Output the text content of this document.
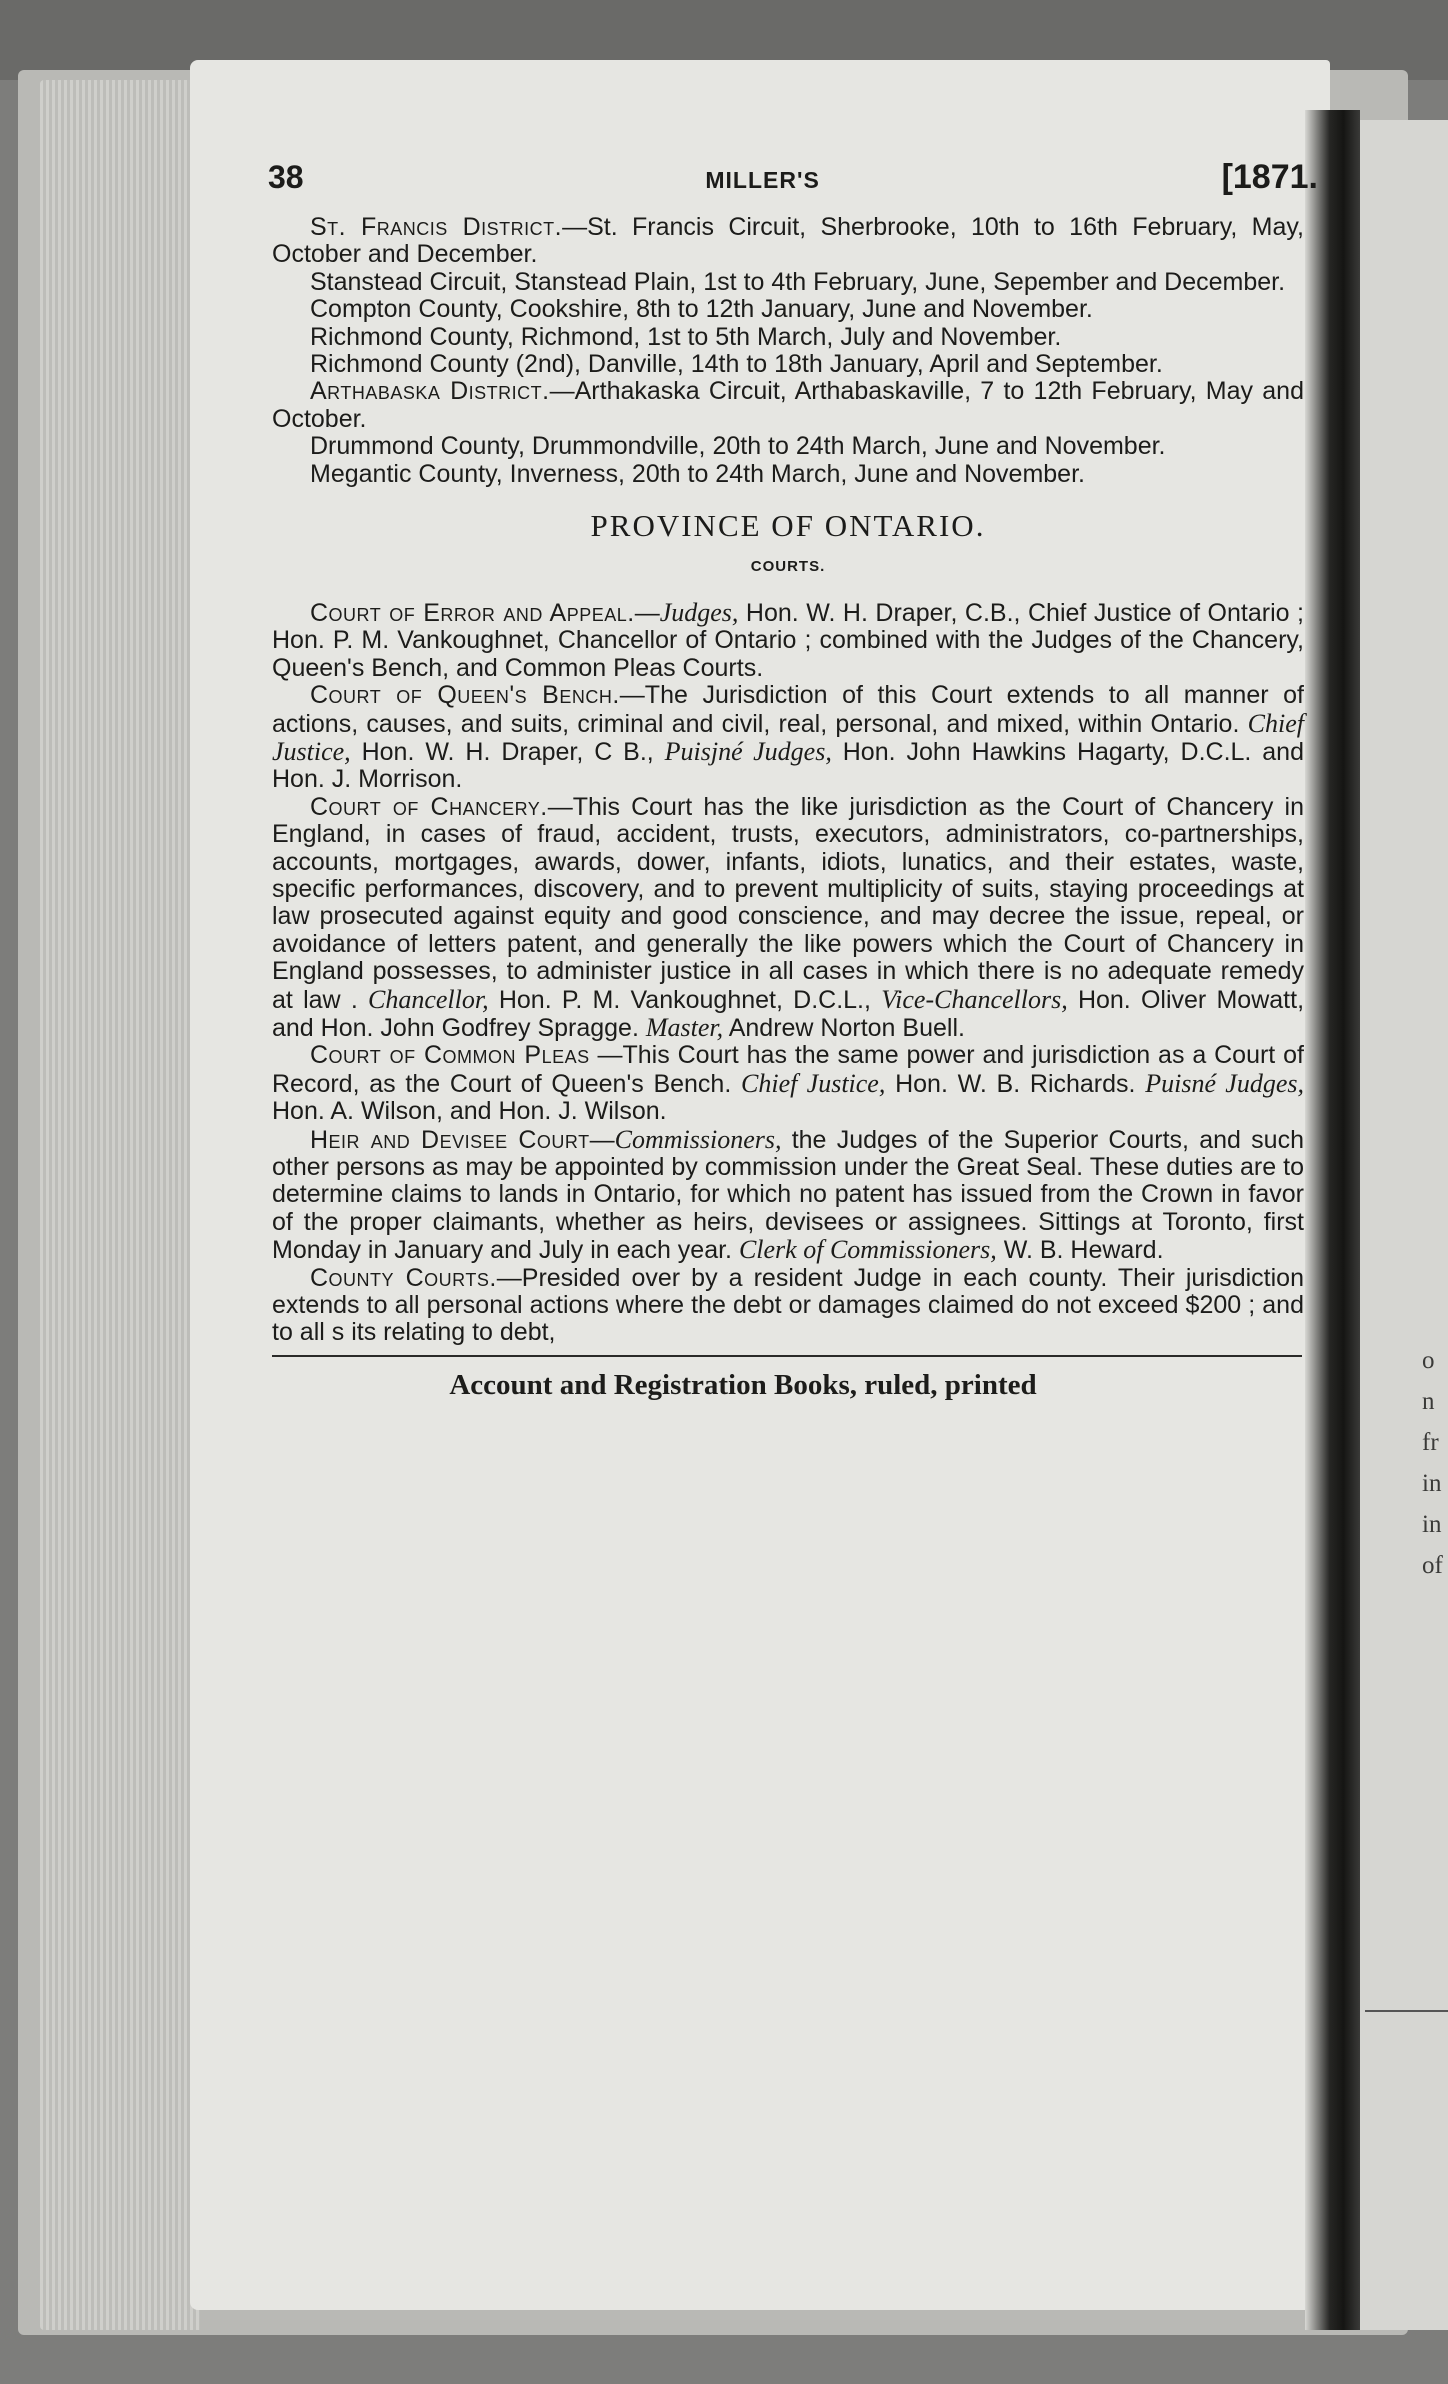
o
n
fr
in
in
of
38	MILLER'S	[1871.

St. Francis District.—St. Francis Circuit, Sherbrooke, 10th to 16th February, May, October and December.

Stanstead Circuit, Stanstead Plain, 1st to 4th February, June, Sepember and December.

Compton County, Cookshire, 8th to 12th January, June and November.

Richmond County, Richmond, 1st to 5th March, July and November.

Richmond County (2nd), Danville, 14th to 18th January, April and September.

Arthabaska District.—Arthakaska Circuit, Arthabaskaville, 7 to 12th February, May and October.

Drummond County, Drummondville, 20th to 24th March, June and November.

Megantic County, Inverness, 20th to 24th March, June and November.

PROVINCE OF ONTARIO.
COURTS.

Court of Error and Appeal.—Judges, Hon. W. H. Draper, C.B., Chief Justice of Ontario ; Hon. P. M. Vankoughnet, Chancellor of Ontario ; combined with the Judges of the Chancery, Queen's Bench, and Common Pleas Courts.

Court of Queen's Bench.—The Jurisdiction of this Court extends to all manner of actions, causes, and suits, criminal and civil, real, personal, and mixed, within Ontario. Chief Justice, Hon. W. H. Draper, C B., Puisjné Judges, Hon. John Hawkins Hagarty, D.C.L. and Hon. J. Morrison.

Court of Chancery.—This Court has the like jurisdiction as the Court of Chancery in England, in cases of fraud, accident, trusts, executors, administrators, co-partnerships, accounts, mortgages, awards, dower, infants, idiots, lunatics, and their estates, waste, specific performances, discovery, and to prevent multiplicity of suits, staying proceedings at law prosecuted against equity and good conscience, and may decree the issue, repeal, or avoidance of letters patent, and generally the like powers which the Court of Chancery in England possesses, to administer justice in all cases in which there is no adequate remedy at law . Chancellor, Hon. P. M. Vankoughnet, D.C.L., Vice-Chancellors, Hon. Oliver Mowatt, and Hon. John Godfrey Spragge. Master, Andrew Norton Buell.

Court of Common Pleas —This Court has the same power and jurisdiction as a Court of Record, as the Court of Queen's Bench. Chief Justice, Hon. W. B. Richards. Puisné Judges, Hon. A. Wilson, and Hon. J. Wilson.

Heir and Devisee Court—Commissioners, the Judges of the Superior Courts, and such other persons as may be appointed by commission under the Great Seal. These duties are to determine claims to lands in Ontario, for which no patent has issued from the Crown in favor of the proper claimants, whether as heirs, devisees or assignees. Sittings at Toronto, first Monday in January and July in each year. Clerk of Commissioners, W. B. Heward.

County Courts.—Presided over by a resident Judge in each county. Their jurisdiction extends to all personal actions where the debt or damages claimed do not exceed $200 ; and to all s its relating to debt,

Account and Registration Books, ruled, printed
